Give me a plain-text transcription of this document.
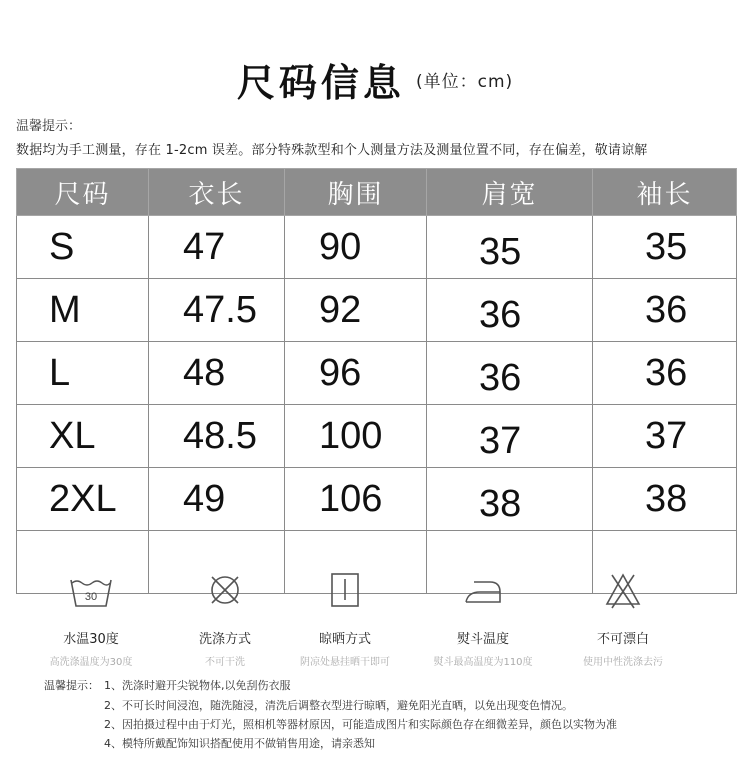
尺码信息 (单位：cm)
温馨提示：
数据均为手工测量，存在 1-2cm 误差。部分特殊款型和个人测量方法及测量位置不同，存在偏差，敬请谅解
尺码	衣长	胸围	肩宽	袖长
S	47	90	35	35
M	47.5	92	36	36
L	48	96	36	36
XL	48.5	100	37	37
2XL	49	106	38	38

30
水温30度
高洗涤温度为30度
洗涤方式
不可干洗
晾晒方式
阴凉处悬挂晒干即可
熨斗温度
熨斗最高温度为110度
不可漂白
使用中性洗涤去污
温馨提示： 1、洗涤时避开尖锐物体,以免刮伤衣服
2、不可长时间浸泡，随洗随浸，清洗后调整衣型进行晾晒，避免阳光直晒，以免出现变色情况。
2、因拍摄过程中由于灯光，照相机等器材原因，可能造成图片和实际颜色存在细微差异，颜色以实物为准
4、模特所戴配饰知识搭配使用不做销售用途，请亲悉知
